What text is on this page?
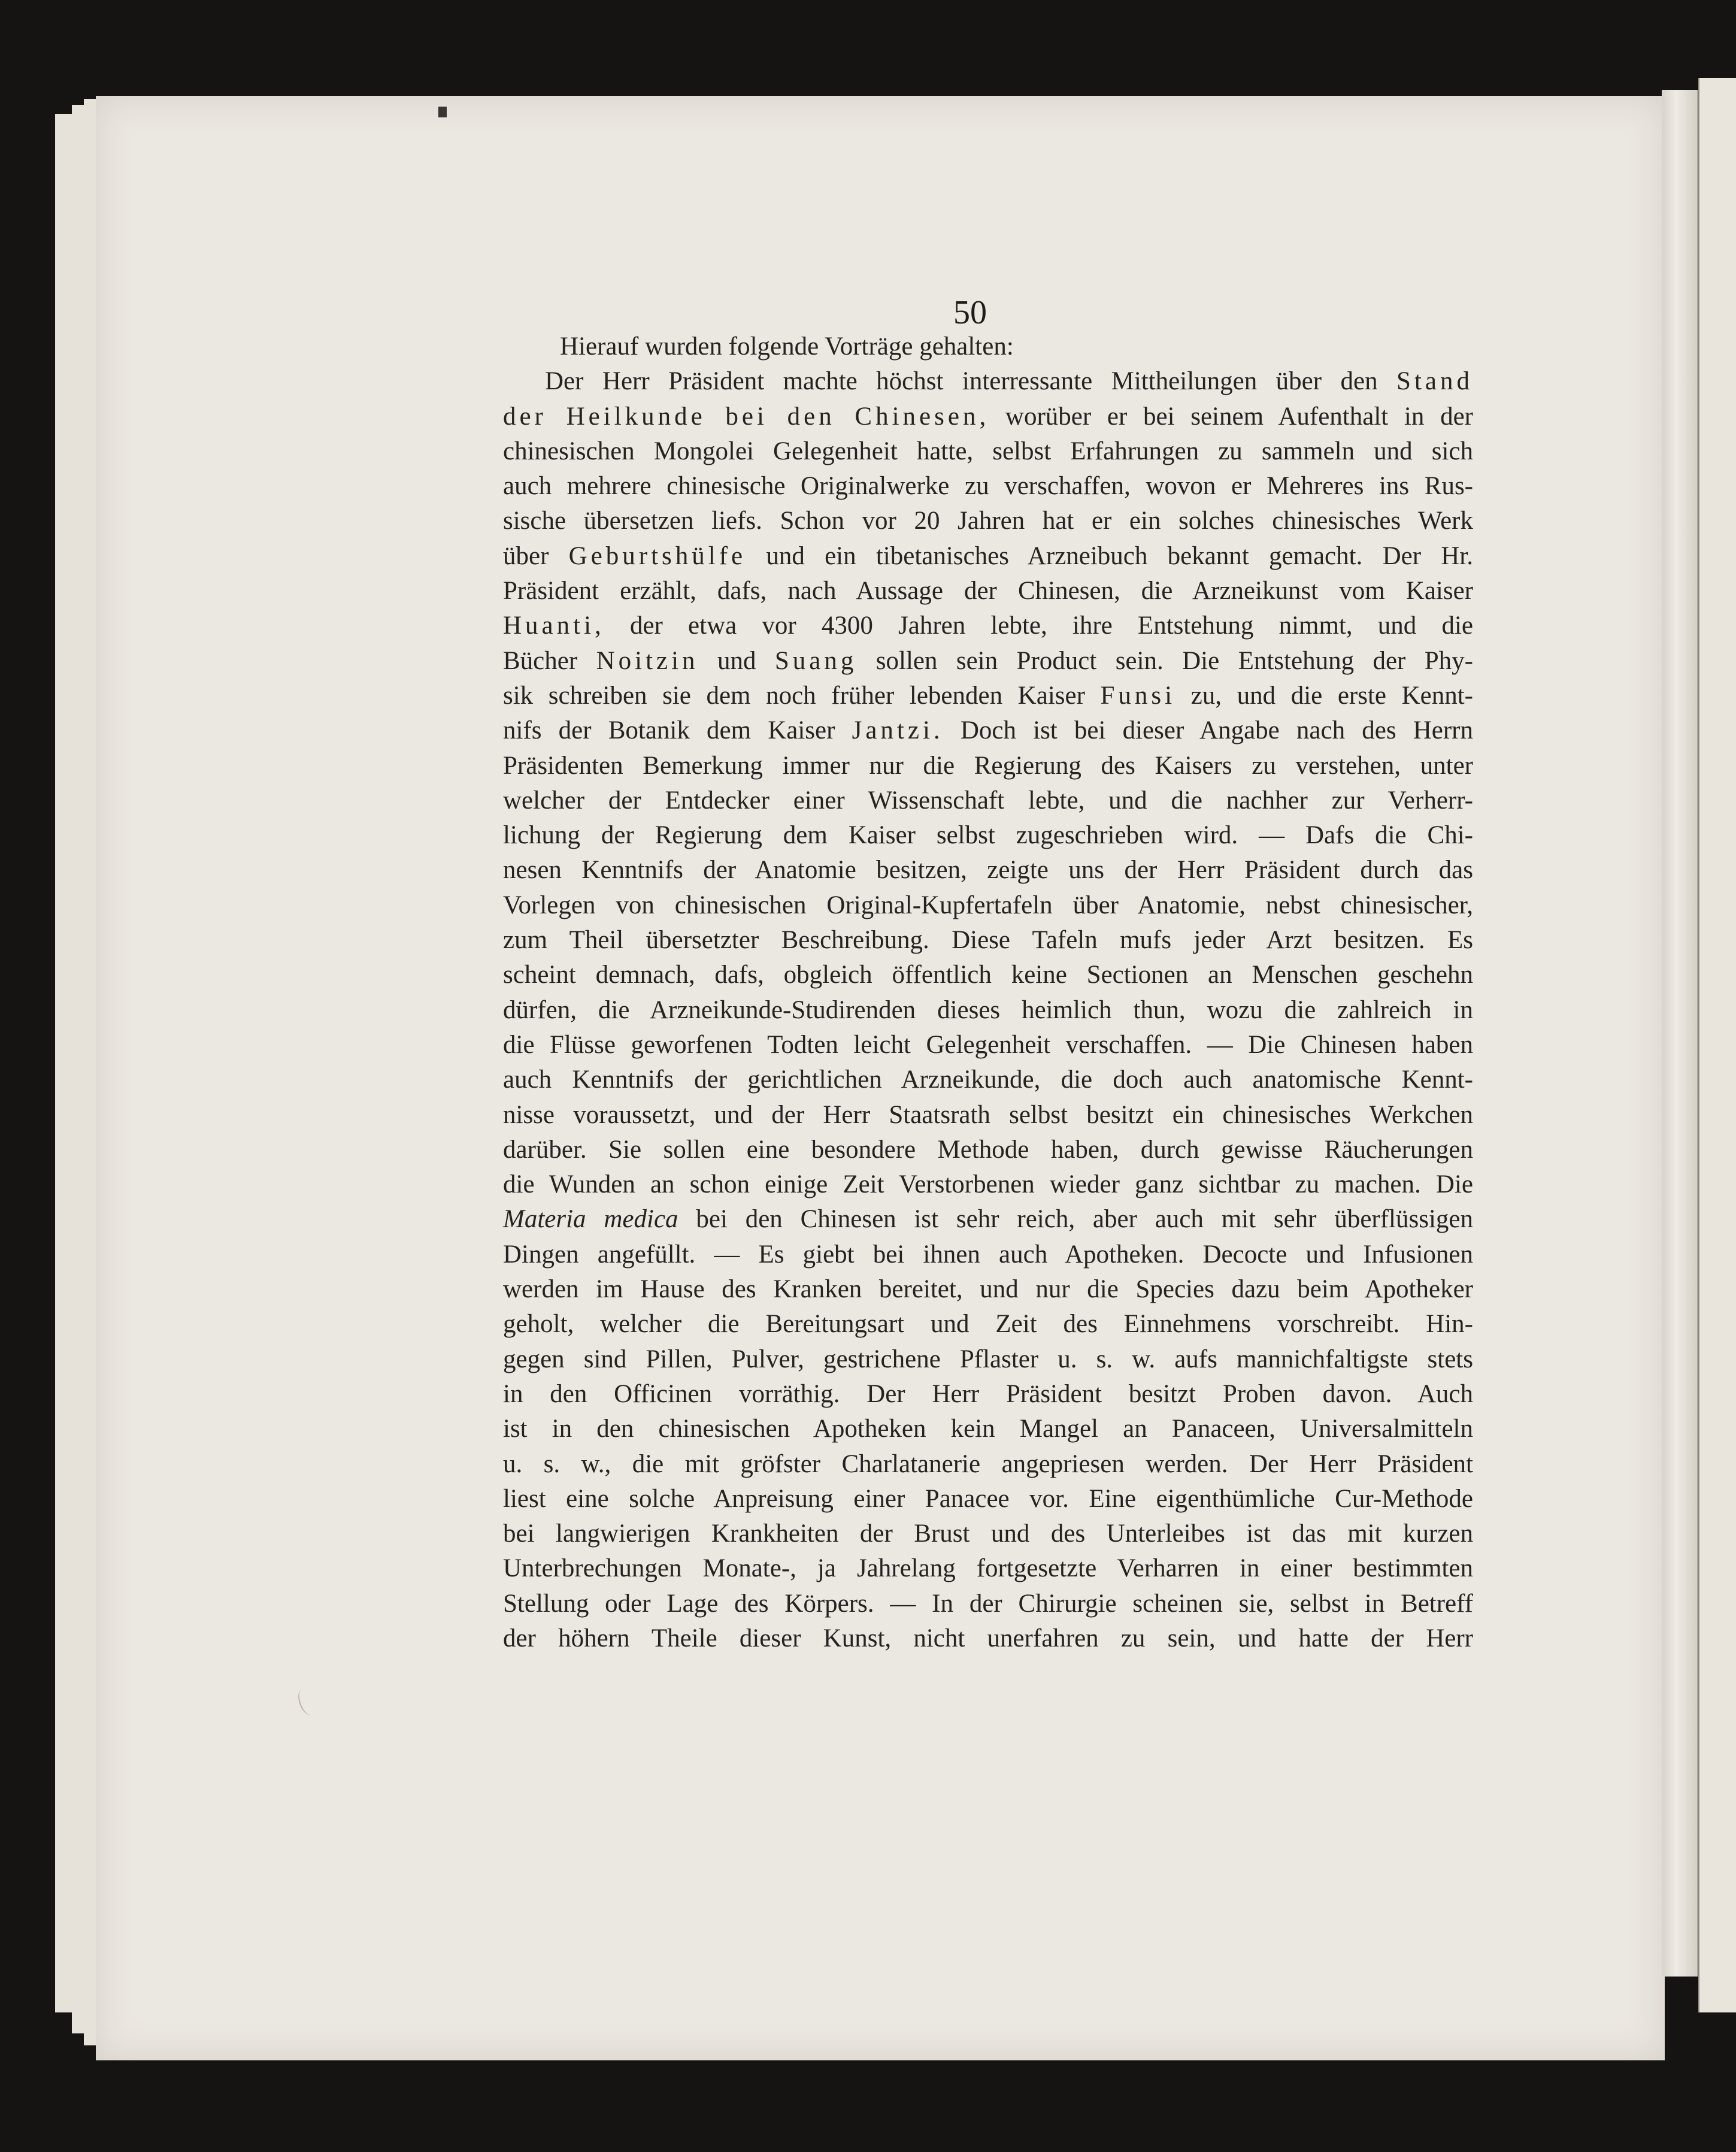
50
Hierauf wurden folgende Vorträge gehalten:
Der Herr Präsident machte höchst interressante Mittheilungen über den Stand
der Heilkunde bei den Chinesen, worüber er bei seinem Aufenthalt in der
chinesischen Mongolei Gelegenheit hatte, selbst Erfahrungen zu sammeln und sich
auch mehrere chinesische Originalwerke zu verschaffen, wovon er Mehreres ins Rus-
sische übersetzen liefs. Schon vor 20 Jahren hat er ein solches chinesisches Werk
über Geburtshülfe und ein tibetanisches Arzneibuch bekannt gemacht. Der Hr.
Präsident erzählt, dafs, nach Aussage der Chinesen, die Arzneikunst vom Kaiser
Huanti, der etwa vor 4300 Jahren lebte, ihre Entstehung nimmt, und die
Bücher Noitzin und Suang sollen sein Product sein. Die Entstehung der Phy-
sik schreiben sie dem noch früher lebenden Kaiser Funsi zu, und die erste Kennt-
nifs der Botanik dem Kaiser Jantzi. Doch ist bei dieser Angabe nach des Herrn
Präsidenten Bemerkung immer nur die Regierung des Kaisers zu verstehen, unter
welcher der Entdecker einer Wissenschaft lebte, und die nachher zur Verherr-
lichung der Regierung dem Kaiser selbst zugeschrieben wird. — Dafs die Chi-
nesen Kenntnifs der Anatomie besitzen, zeigte uns der Herr Präsident durch das
Vorlegen von chinesischen Original-Kupfertafeln über Anatomie, nebst chinesischer,
zum Theil übersetzter Beschreibung. Diese Tafeln mufs jeder Arzt besitzen. Es
scheint demnach, dafs, obgleich öffentlich keine Sectionen an Menschen geschehn
dürfen, die Arzneikunde-Studirenden dieses heimlich thun, wozu die zahlreich in
die Flüsse geworfenen Todten leicht Gelegenheit verschaffen. — Die Chinesen haben
auch Kenntnifs der gerichtlichen Arzneikunde, die doch auch anatomische Kennt-
nisse voraussetzt, und der Herr Staatsrath selbst besitzt ein chinesisches Werkchen
darüber. Sie sollen eine besondere Methode haben, durch gewisse Räucherungen
die Wunden an schon einige Zeit Verstorbenen wieder ganz sichtbar zu machen. Die
Materia medica bei den Chinesen ist sehr reich, aber auch mit sehr überflüssigen
Dingen angefüllt. — Es giebt bei ihnen auch Apotheken. Decocte und Infusionen
werden im Hause des Kranken bereitet, und nur die Species dazu beim Apotheker
geholt, welcher die Bereitungsart und Zeit des Einnehmens vorschreibt. Hin-
gegen sind Pillen, Pulver, gestrichene Pflaster u. s. w. aufs mannichfaltigste stets
in den Officinen vorräthig. Der Herr Präsident besitzt Proben davon. Auch
ist in den chinesischen Apotheken kein Mangel an Panaceen, Universalmitteln
u. s. w., die mit gröfster Charlatanerie angepriesen werden. Der Herr Präsident
liest eine solche Anpreisung einer Panacee vor. Eine eigenthümliche Cur-Methode
bei langwierigen Krankheiten der Brust und des Unterleibes ist das mit kurzen
Unterbrechungen Monate-, ja Jahrelang fortgesetzte Verharren in einer bestimmten
Stellung oder Lage des Körpers. — In der Chirurgie scheinen sie, selbst in Betreff
der höhern Theile dieser Kunst, nicht unerfahren zu sein, und hatte der Herr
